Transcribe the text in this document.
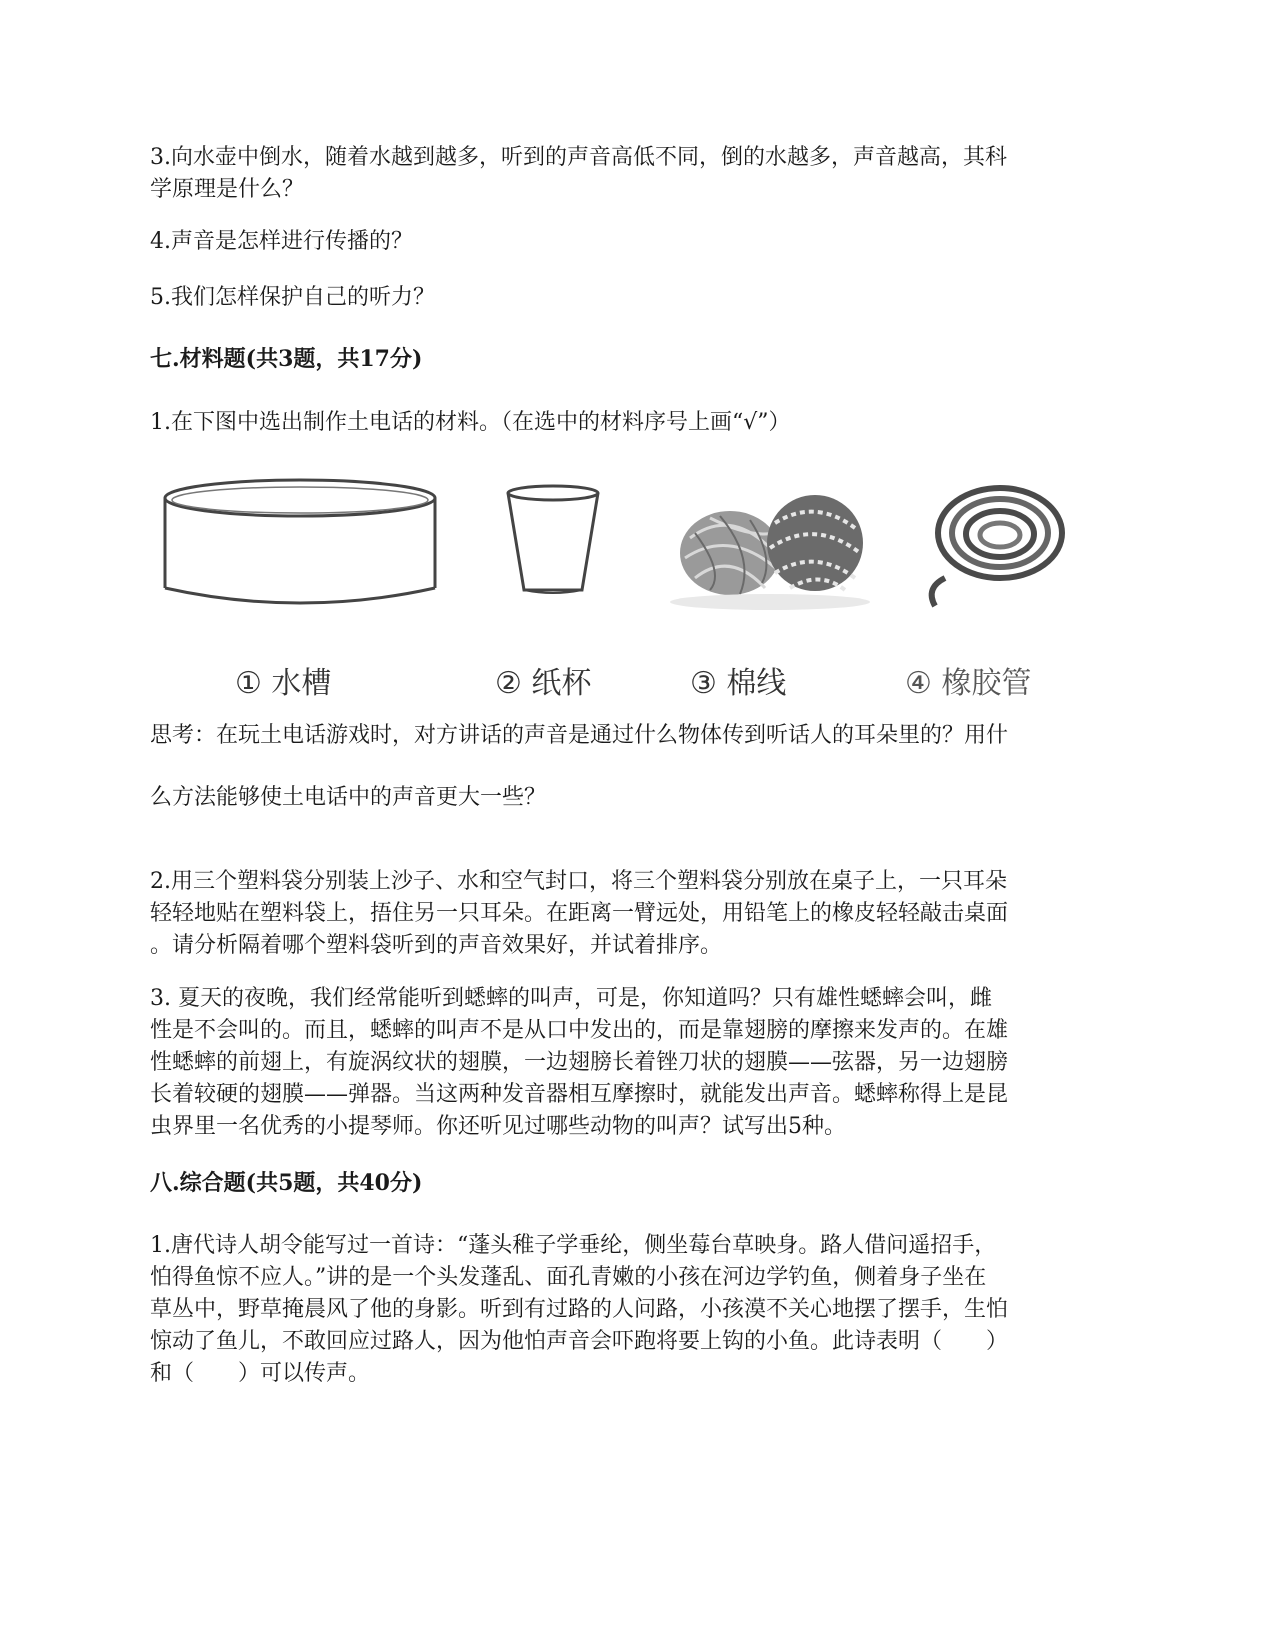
3.向水壶中倒水，随着水越到越多，听到的声音高低不同，倒的水越多，声音越高，其科
学原理是什么？
4.声音是怎样进行传播的？
5.我们怎样保护自己的听力？
七.材料题(共3题，共17分)
1.在下图中选出制作土电话的材料。（在选中的材料序号上画“√”）
① 水槽	② 纸杯	③ 棉线	④ 橡胶管
思考：在玩土电话游戏时，对方讲话的声音是通过什么物体传到听话人的耳朵里的？用什
么方法能够使土电话中的声音更大一些？
2.用三个塑料袋分别装上沙子、水和空气封口，将三个塑料袋分别放在桌子上，一只耳朵
轻轻地贴在塑料袋上，捂住另一只耳朵。在距离一臂远处，用铅笔上的橡皮轻轻敲击桌面
。请分析隔着哪个塑料袋听到的声音效果好，并试着排序。
3. 夏天的夜晚，我们经常能听到蟋蟀的叫声，可是，你知道吗？只有雄性蟋蟀会叫，雌
性是不会叫的。而且，蟋蟀的叫声不是从口中发出的，而是靠翅膀的摩擦来发声的。在雄
性蟋蟀的前翅上，有旋涡纹状的翅膜，一边翅膀长着锉刀状的翅膜——弦器，另一边翅膀
长着较硬的翅膜——弹器。当这两种发音器相互摩擦时，就能发出声音。蟋蟀称得上是昆
虫界里一名优秀的小提琴师。你还听见过哪些动物的叫声？试写出5种。
八.综合题(共5题，共40分)
1.唐代诗人胡令能写过一首诗：“蓬头稚子学垂纶，侧坐莓台草映身。路人借问遥招手，
怕得鱼惊不应人。”讲的是一个头发蓬乱、面孔青嫩的小孩在河边学钓鱼，侧着身子坐在
草丛中，野草掩晨风了他的身影。听到有过路的人问路，小孩漠不关心地摆了摆手，生怕
惊动了鱼儿，不敢回应过路人，因为他怕声音会吓跑将要上钩的小鱼。此诗表明（　　）
和（　　）可以传声。
